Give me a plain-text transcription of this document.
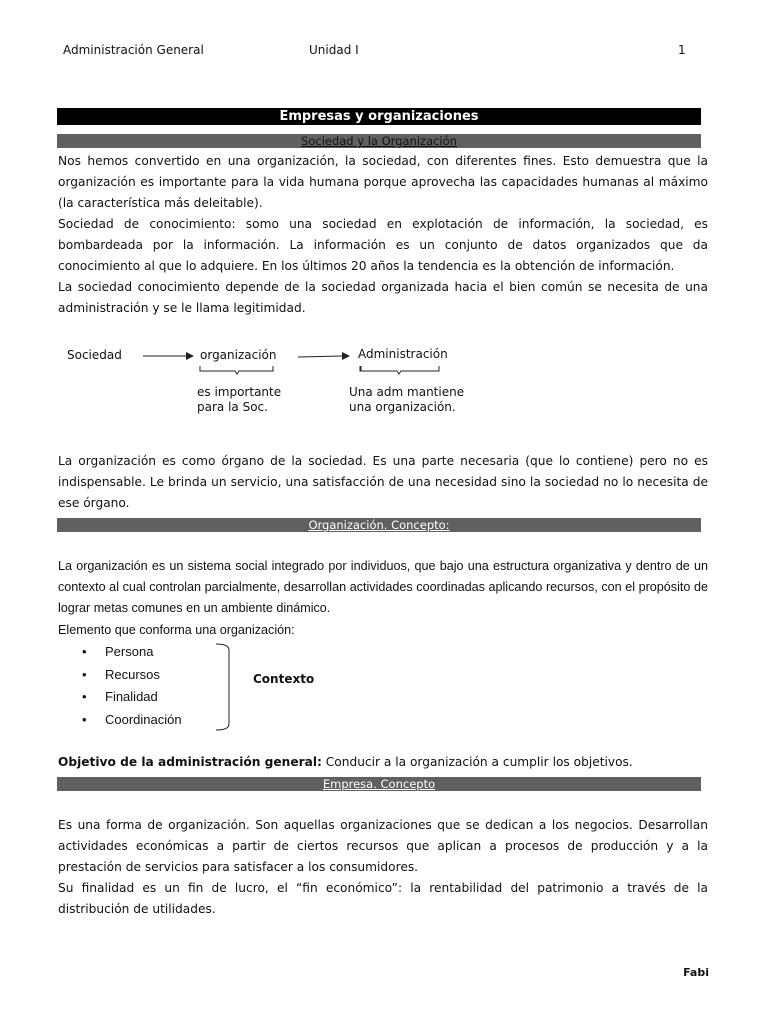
Administración General	Unidad I	1
Empresas y organizaciones
Sociedad y la Organización
Nos hemos convertido en una organización, la sociedad, con diferentes fines. Esto demuestra que la organización es importante para la vida humana porque aprovecha las capacidades humanas al máximo (la característica más deleitable).
Sociedad de conocimiento: somo una sociedad en explotación de información, la sociedad, es bombardeada por la información. La información es un conjunto de datos organizados que da conocimiento al que lo adquiere. En los últimos 20 años la tendencia es la obtención de información.
La sociedad conocimiento depende de la sociedad organizada hacia el bien común se necesita de una administración y se le llama legitimidad.
Sociedad	organización	Administración
es importante
para la Soc.
Una adm mantiene
una organización.
La organización es como órgano de la sociedad. Es una parte necesaria (que lo contiene) pero no es indispensable. Le brinda un servicio, una satisfacción de una necesidad sino la sociedad no lo necesita de ese órgano.
Organización. Concepto:
La organización es un sistema social integrado por individuos, que bajo una estructura organizativa y dentro de un contexto al cual controlan parcialmente, desarrollan actividades coordinadas aplicando recursos, con el propósito de lograr metas comunes en un ambiente dinámico.
Elemento que conforma una organización:
• Persona
• Recursos
• Finalidad
• Coordinación
Contexto
Objetivo de la administración general: Conducir a la organización a cumplir los objetivos.
Empresa. Concepto
Es una forma de organización. Son aquellas organizaciones que se dedican a los negocios. Desarrollan actividades económicas a partir de ciertos recursos que aplican a procesos de producción y a la prestación de servicios para satisfacer a los consumidores.
Su finalidad es un fin de lucro, el “fin económico”: la rentabilidad del patrimonio a través de la distribución de utilidades.
Fabi
